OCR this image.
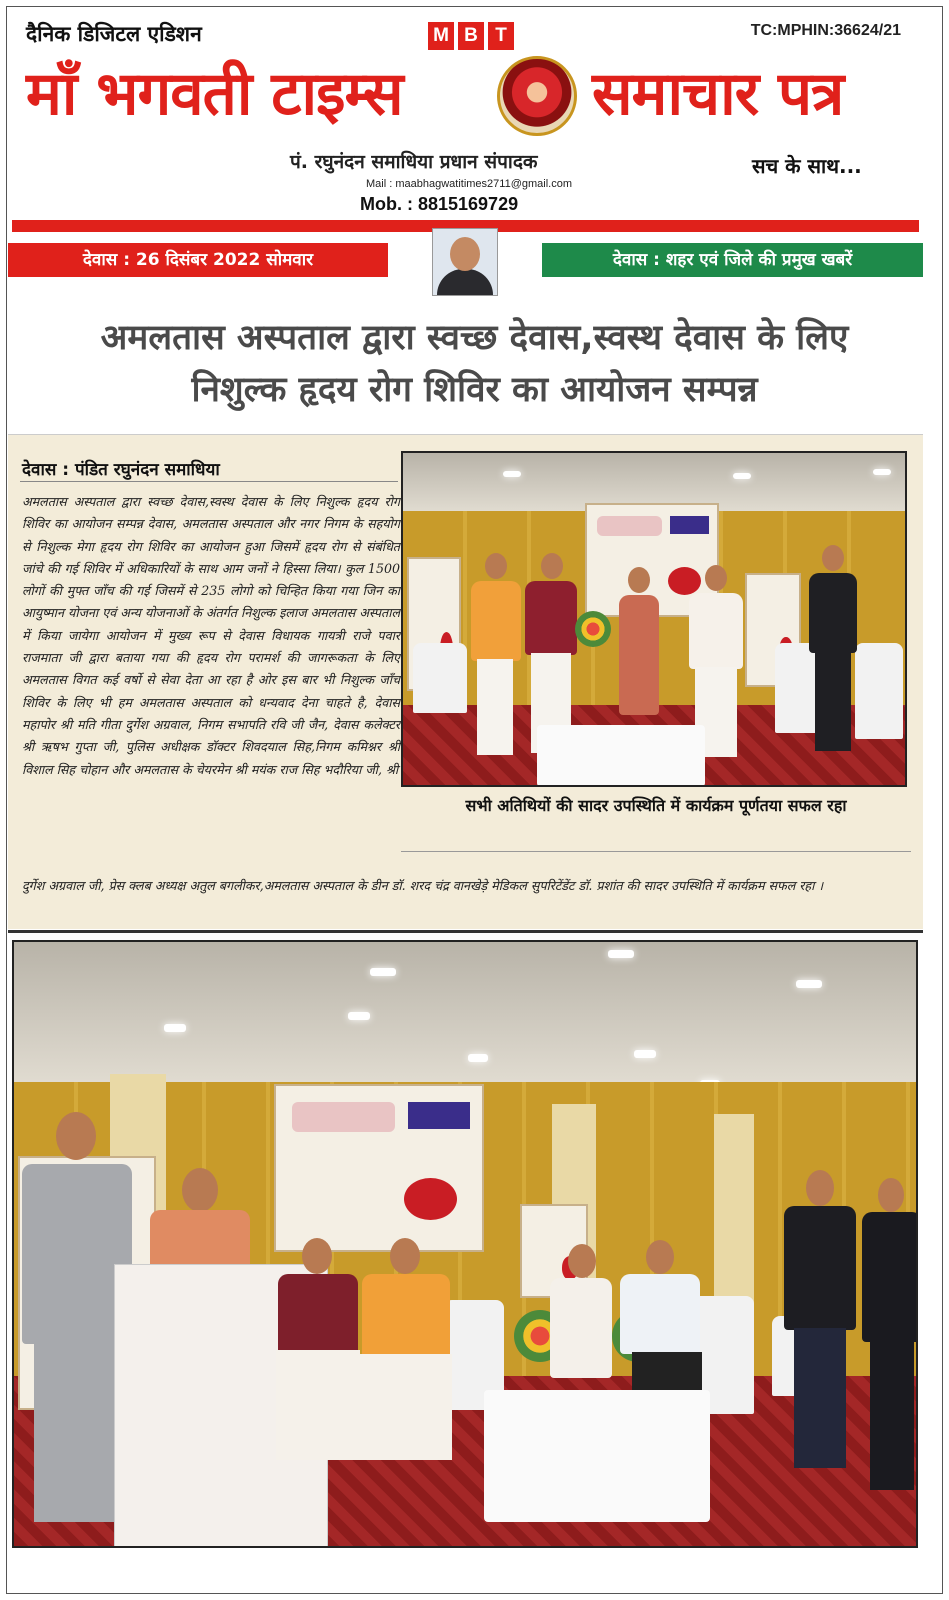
दैनिक डिजिटल एडिशन	M B T	TC:MPHIN:36624/21
माँ भगवती टाइम्स	समाचार पत्र
पं. रघुनंदन समाधिया प्रधान संपादक	सच के साथ...
Mail : maabhagwatitimes2711@gmail.com
Mob. : 8815169729
देवास : 26 दिसंबर 2022 सोमवार	देवास : शहर एवं जिले की प्रमुख खबरें
अमलतास अस्पताल द्वारा स्वच्छ देवास,स्वस्थ देवास के लिए
निशुल्क हृदय रोग शिविर का आयोजन सम्पन्न
देवास : पंडित रघुनंदन समाधिया
अमलतास अस्पताल द्वारा स्वच्छ देवास,स्वस्थ देवास के लिए निशुल्क हृदय रोग शिविर का आयोजन सम्पन्न देवास, अमलतास अस्पताल और नगर निगम के सहयोग से निशुल्क मेगा हृदय रोग शिविर का आयोजन हुआ जिसमें हृदय रोग से संबंधित जांचे की गई शिविर में अधिकारियों के साथ आम जनों ने हिस्सा लिया। कुल 1500 लोगों की मुफ्त जाँच की गई जिसमें से 235 लोगो को चिन्हित किया गया जिन का आयुष्मान योजना एवं अन्य योजनाओं के अंतर्गत निशुल्क इलाज अमलतास अस्पताल में किया जायेगा आयोजन में मुख्य रूप से देवास विधायक गायत्री राजे पवार राजमाता जी द्वारा बताया गया की हृदय रोग परामर्श की जागरूकता के लिए अमलतास विगत कई वर्षो से सेवा देता आ रहा है ओर इस बार भी निशुल्क जाँच शिविर के लिए भी हम अमलतास अस्पताल को धन्यवाद देना चाहते है, देवास महापोर श्री मति गीता दुर्गेश अग्रवाल, निगम सभापति रवि जी जैन, देवास कलेक्टर श्री ऋषभ गुप्ता जी, पुलिस अधीक्षक डॉक्टर शिवदयाल सिह,निगम कमिश्नर श्री विशाल सिह चोहान और अमलतास के चेयरमेन श्री मयंक राज सिह भदौरिया जी, श्री
सभी अतिथियों की सादर उपस्थिति में कार्यक्रम पूर्णतया सफल रहा
दुर्गेश अग्रवाल जी, प्रेस क्लब अध्यक्ष अतुल बगलीकर,अमलतास अस्पताल के डीन डॉ. शरद चंद्र वानखेड़े मेडिकल सुपरिटेंडेंट डॉ. प्रशांत की सादर उपस्थिति में कार्यक्रम सफल रहा ।
